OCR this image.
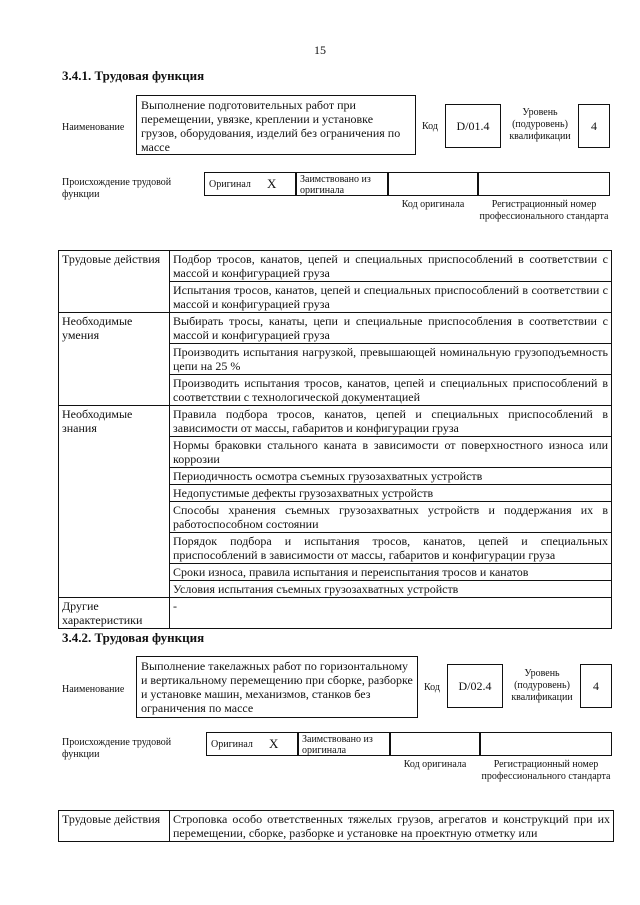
15
3.4.1. Трудовая функция
Наименование
Выполнение подготовительных работ при перемещении, увязке, креплении и установке грузов, оборудования, изделий без ограничения по массе
Код	D/01.4
Уровень (подуровень) квалификации
4
Происхождение трудовой функции
Оригинал X	Заимствовано из оригинала
Код оригинала	Регистрационный номер профессионального стандарта
Трудовые действия	Подбор тросов, канатов, цепей и специальных приспособлений в соответствии с массой и конфигурацией груза
	Испытания тросов, канатов, цепей и специальных приспособлений в соответствии с массой и конфигурацией груза
Необходимые умения	Выбирать тросы, канаты, цепи и специальные приспособления в соответствии с массой и конфигурацией груза
	Производить испытания нагрузкой, превышающей номинальную грузоподъемность цепи на 25 %
	Производить испытания тросов, канатов, цепей и специальных приспособлений в соответствии с технологической документацией
Необходимые знания	Правила подбора тросов, канатов, цепей и специальных приспособлений в зависимости от массы, габаритов и конфигурации груза
	Нормы браковки стального каната в зависимости от поверхностного износа или коррозии
	Периодичность осмотра съемных грузозахватных устройств
	Недопустимые дефекты грузозахватных устройств
	Способы хранения съемных грузозахватных устройств и поддержания их в работоспособном состоянии
	Порядок подбора и испытания тросов, канатов, цепей и специальных приспособлений в зависимости от массы, габаритов и конфигурации груза
	Сроки износа, правила испытания и переиспытания тросов и канатов
	Условия испытания съемных грузозахватных устройств
Другие характеристики	-
3.4.2. Трудовая функция
Наименование
Выполнение такелажных работ по горизонтальному и вертикальному перемещению при сборке, разборке и установке машин, механизмов, станков без ограничения по массе
Код	D/02.4
Уровень (подуровень) квалификации
4
Происхождение трудовой функции
Оригинал X	Заимствовано из оригинала
Код оригинала	Регистрационный номер профессионального стандарта
Трудовые действия	Строповка особо ответственных тяжелых грузов, агрегатов и конструкций при их перемещении, сборке, разборке и установке на проектную отметку или
